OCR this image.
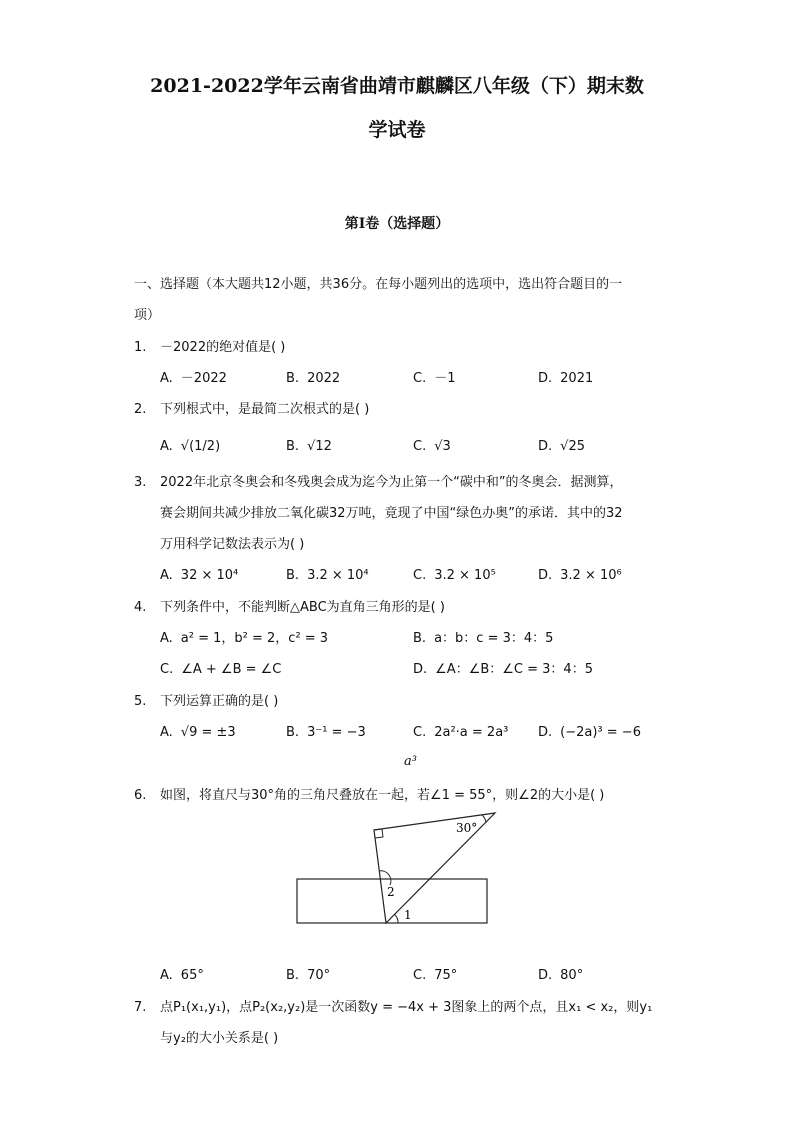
2021-2022学年云南省曲靖市麒麟区八年级（下）期末数
学试卷
第I卷（选择题）
一、选择题（本大题共12小题，共36分。在每小题列出的选项中，选出符合题目的一
项）
1. －2022的绝对值是( )
A. －2022	B. 2022	C. －1	D. 2021
2. 下列根式中，是最简二次根式的是( )
A. √(1/2)	B. √12	C. √3	D. √25
3. 2022年北京冬奥会和冬残奥会成为迄今为止第一个“碳中和”的冬奥会．据测算，
赛会期间共减少排放二氧化碳32万吨，竟现了中国“绿色办奥”的承诺．其中的32
万用科学记数法表示为( )
A. 32 × 10⁴	B. 3.2 × 10⁴	C. 3.2 × 10⁵	D. 3.2 × 10⁶
4. 下列条件中，不能判断△ABC为直角三角形的是( )
A. a² = 1，b² = 2，c² = 3	B. a：b：c = 3：4：5
C. ∠A + ∠B = ∠C	D. ∠A：∠B：∠C = 3：4：5
5. 下列运算正确的是( )
A. √9 = ±3	B. 3⁻¹ = −3	C. 2a²·a = 2a³ D. (−2a)³ = −6
a³
6. 如图，将直尺与30°角的三角尺叠放在一起，若∠1 = 55°，则∠2的大小是( )
30°
2
1
A. 65°	B. 70°	C. 75°	D. 80°
7. 点P₁(x₁,y₁)，点P₂(x₂,y₂)是一次函数y = −4x + 3图象上的两个点，且x₁ < x₂，则y₁
与y₂的大小关系是( )
